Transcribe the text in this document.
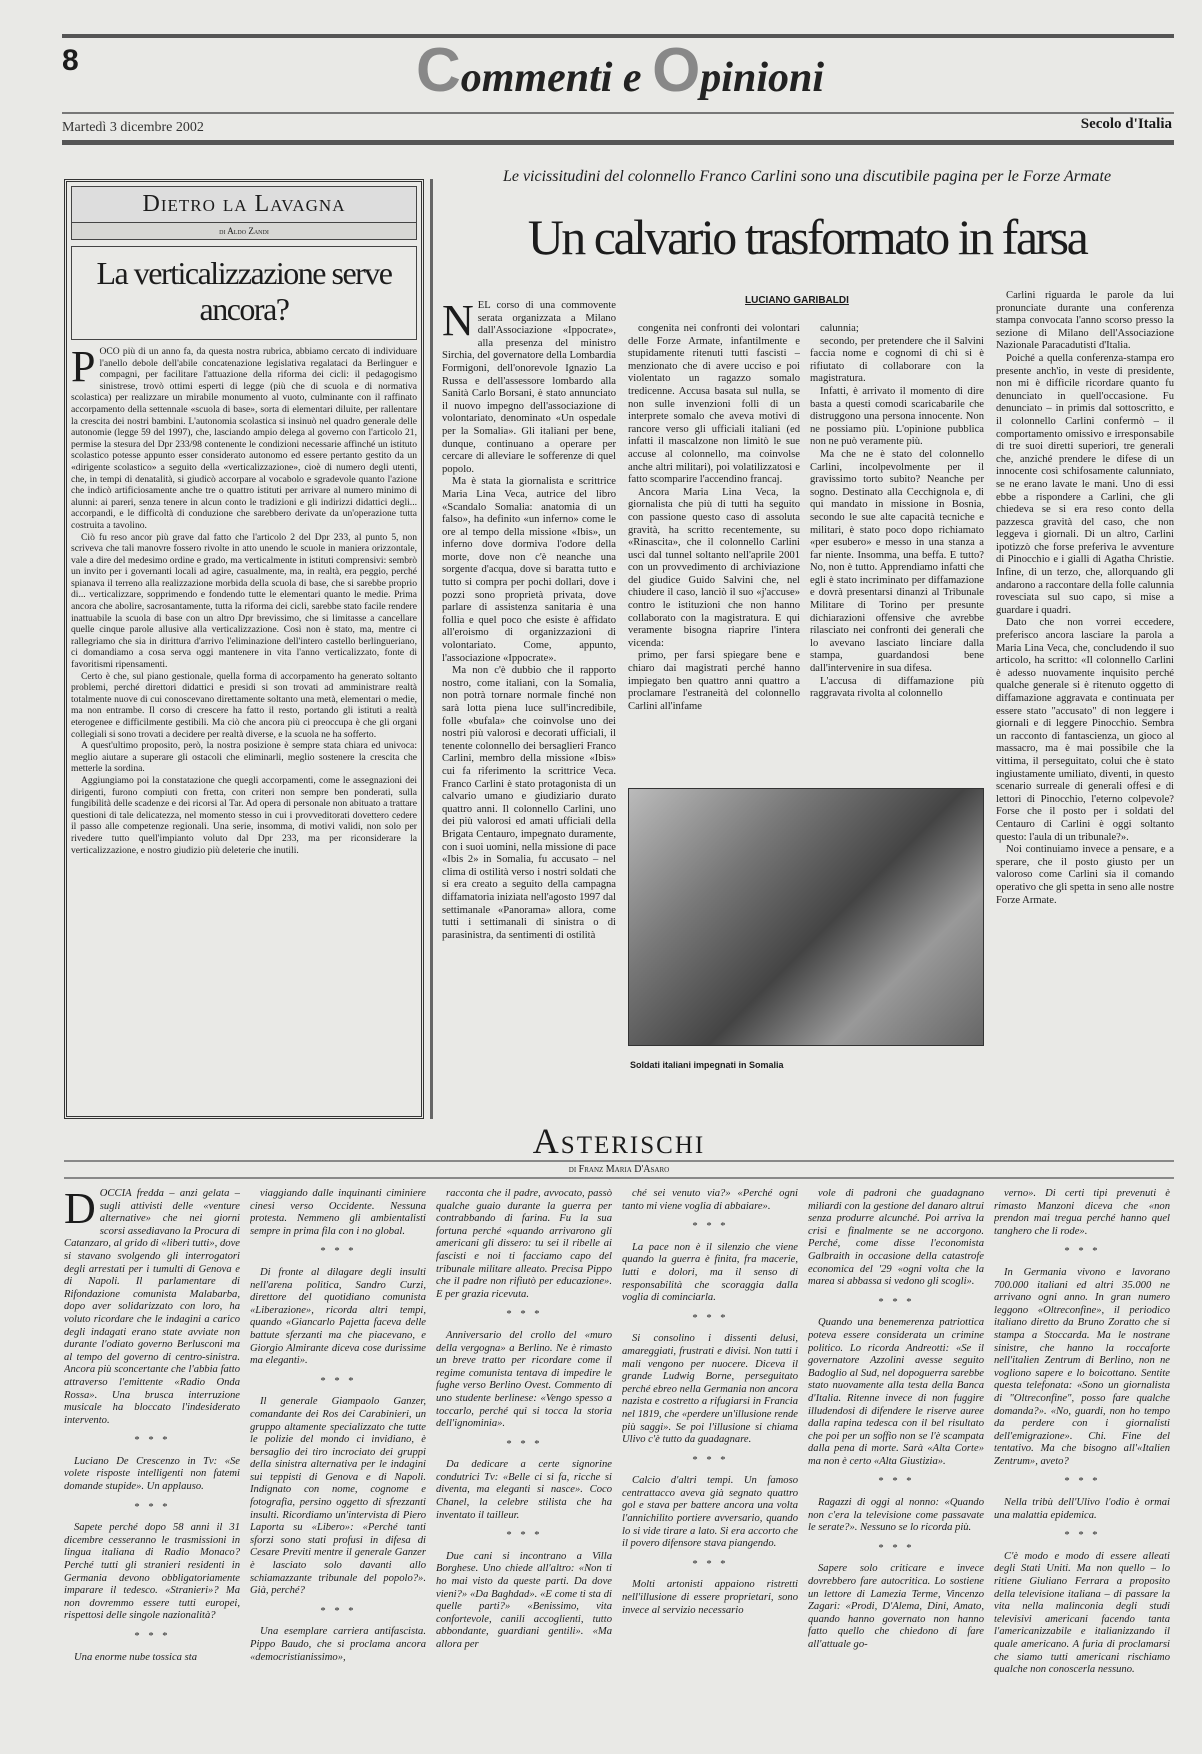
8	Commenti e Opinioni
Martedì 3 dicembre 2002	Secolo d'Italia
Dietro la Lavagna
di Aldo Zandi
La verticalizzazione serve ancora?
P OCO più di un anno fa, da questa nostra rubrica, abbiamo cercato di individuare l'anello debole dell'abile concatenazione legislativa regalataci da Berlinguer e compagni, per facilitare l'attuazione della riforma dei cicli: il pedagogismo sinistrese, trovò ottimi esperti di legge (più che di scuola e di normativa scolastica) per realizzare un mirabile monumento al vuoto, culminante con il raffinato accorpamento della settennale «scuola di base», sorta di elementari diluite, per rallentare la crescita dei nostri bambini. L'autonomia scolastica si insinuò nel quadro generale delle autonomie (legge 59 del 1997), che, lasciando ampio delega al governo con l'articolo 21, permise la stesura del Dpr 233/98 contenente le condizioni necessarie affinché un istituto scolastico potesse appunto esser considerato autonomo ed essere pertanto gestito da un «dirigente scolastico» a seguito della «verticalizzazione», cioè di numero degli utenti, che, in tempi di denatalità, si giudicò accorpare al vocabolo e sgradevole quanto l'azione che indicò artificiosamente anche tre o quattro istituti per arrivare al numero minimo di alunni: ai pareri, senza tenere in alcun conto le tradizioni e gli indirizzi didattici degli... accorpandi, e le difficoltà di conduzione che sarebbero derivate da un'operazione tutta costruita a tavolino.

Ciò fu reso ancor più grave dal fatto che l'articolo 2 del Dpr 233, al punto 5, non scriveva che tali manovre fossero rivolte in atto unendo le scuole in maniera orizzontale, vale a dire del medesimo ordine e grado, ma verticalmente in istituti comprensivi: sembrò un invito per i governanti locali ad agire, casualmente, ma, in realtà, era peggio, perché spianava il terreno alla realizzazione morbida della scuola di base, che si sarebbe proprio di... verticalizzare, sopprimendo e fondendo tutte le elementari quanto le medie. Prima ancora che abolire, sacrosantamente, tutta la riforma dei cicli, sarebbe stato facile rendere inattuabile la scuola di base con un altro Dpr brevissimo, che si limitasse a cancellare quelle cinque parole allusive alla verticalizzazione. Così non è stato, ma, mentre ci rallegriamo che sia in dirittura d'arrivo l'eliminazione dell'intero castello berlingueriano, ci domandiamo a cosa serva oggi mantenere in vita l'anno verticalizzato, fonte di favoritismi ripensamenti.

Certo è che, sul piano gestionale, quella forma di accorpamento ha generato soltanto problemi, perché direttori didattici e presidi si son trovati ad amministrare realtà totalmente nuove di cui conoscevano direttamente soltanto una metà, elementari o medie, ma non entrambe. Il corso di crescere ha fatto il resto, portando gli istituti a realtà eterogenee e difficilmente gestibili. Ma ciò che ancora più ci preoccupa è che gli organi collegiali si sono trovati a decidere per realtà diverse, e la scuola ne ha sofferto.

A quest'ultimo proposito, però, la nostra posizione è sempre stata chiara ed univoca: meglio aiutare a superare gli ostacoli che eliminarli, meglio sostenere la crescita che metterle la sordina.

Aggiungiamo poi la constatazione che quegli accorpamenti, come le assegnazioni dei dirigenti, furono compiuti con fretta, con criteri non sempre ben ponderati, sulla fungibilità delle scadenze e dei ricorsi al Tar. Ad opera di personale non abituato a trattare questioni di tale delicatezza, nel momento stesso in cui i provveditorati dovettero cedere il passo alle competenze regionali. Una serie, insomma, di motivi validi, non solo per rivedere tutto quell'impianto voluto dal Dpr 233, ma per riconsiderare la verticalizzazione, e nostro giudizio più deleterie che inutili.

Le vicissitudini del colonnello Franco Carlini sono una discutibile pagina per le Forze Armate
Un calvario trasformato in farsa
LUCIANO GARIBALDI
NEL corso di una commovente serata organizzata a Milano dall'Associazione «Ippocrate», alla presenza del ministro Sirchia, del governatore della Lombardia Formigoni, dell'onorevole Ignazio La Russa e dell'assessore lombardo alla Sanità Carlo Borsani, è stato annunciato il nuovo impegno dell'associazione di volontariato, denominato «Un ospedale per la Somalia». Gli italiani per bene, dunque, continuano a operare per cercare di alleviare le sofferenze di quel popolo.

Ma è stata la giornalista e scrittrice Maria Lina Veca, autrice del libro «Scandalo Somalia: anatomia di un falso», ha definito «un inferno» come le ore al tempo della missione «Ibis», un inferno dove dormiva l'odore della morte, dove non c'è neanche una sorgente d'acqua, dove si baratta tutto e tutto si compra per pochi dollari, dove i pozzi sono proprietà privata, dove parlare di assistenza sanitaria è una follia e quel poco che esiste è affidato all'eroismo di organizzazioni di volontariato. Come, appunto, l'associazione «Ippocrate».

Ma non c'è dubbio che il rapporto nostro, come italiani, con la Somalia, non potrà tornare normale finché non sarà lotta piena luce sull'incredibile, folle «bufala» che coinvolse uno dei nostri più valorosi e decorati ufficiali, il tenente colonnello dei bersaglieri Franco Carlini, membro della missione «Ibis» cui fa riferimento la scrittrice Veca. Franco Carlini è stato protagonista di un calvario umano e giudiziario durato quattro anni. Il colonnello Carlini, uno dei più valorosi ed amati ufficiali della Brigata Centauro, impegnato duramente, con i suoi uomini, nella missione di pace «Ibis 2» in Somalia, fu accusato – nel clima di ostilità verso i nostri soldati che si era creato a seguito della campagna diffamatoria iniziata nell'agosto 1997 dal settimanale «Panorama» allora, come tutti i settimanali di sinistra o di parasinistra, da sentimenti di ostilità

congenita nei confronti dei volontari delle Forze Armate, infantilmente e stupidamente ritenuti tutti fascisti – menzionato che di avere ucciso e poi violentato un ragazzo somalo tredicenne. Accusa basata sul nulla, se non sulle invenzioni folli di un interprete somalo che aveva motivi di rancore verso gli ufficiali italiani (ed infatti il mascalzone non limitò le sue accuse al colonnello, ma coinvolse anche altri militari), poi volatilizzatosi e fatto scomparire l'accendino francaj.

Ancora Maria Lina Veca, la giornalista che più di tutti ha seguito con passione questo caso di assoluta gravità, ha scritto recentemente, su «Rinascita», che il colonnello Carlini uscì dal tunnel soltanto nell'aprile 2001 con un provvedimento di archiviazione del giudice Guido Salvini che, nel chiudere il caso, lanciò il suo «j'accuse» contro le istituzioni che non hanno collaborato con la magistratura. E qui veramente bisogna riaprire l'intera vicenda:

primo, per farsi spiegare bene e chiaro dai magistrati perché hanno impiegato ben quattro anni quattro a proclamare l'estraneità del colonnello Carlini all'infame

calunnia;

secondo, per pretendere che il Salvini faccia nome e cognomi di chi si è rifiutato di collaborare con la magistratura.

Infatti, è arrivato il momento di dire basta a questi comodi scaricabarile che distruggono una persona innocente. Non ne possiamo più. L'opinione pubblica non ne può veramente più.

Ma che ne è stato del colonnello Carlini, incolpevolmente per il gravissimo torto subito? Neanche per sogno. Destinato alla Cecchignola e, di qui mandato in missione in Bosnia, secondo le sue alte capacità tecniche e militari, è stato poco dopo richiamato «per esubero» e messo in una stanza a far niente. Insomma, una beffa. E tutto? No, non è tutto. Apprendiamo infatti che egli è stato incriminato per diffamazione e dovrà presentarsi dinanzi al Tribunale Militare di Torino per presunte dichiarazioni offensive che avrebbe rilasciato nei confronti dei generali che lo avevano lasciato linciare dalla stampa, guardandosi bene dall'intervenire in sua difesa.

L'accusa di diffamazione più raggravata rivolta al colonnello

Carlini riguarda le parole da lui pronunciate durante una conferenza stampa convocata l'anno scorso presso la sezione di Milano dell'Associazione Nazionale Paracadutisti d'Italia.

Poiché a quella conferenza-stampa ero presente anch'io, in veste di presidente, non mi è difficile ricordare quanto fu denunciato in quell'occasione. Fu denunciato – in primis dal sottoscritto, e il colonnello Carlini confermò – il comportamento omissivo e irresponsabile di tre suoi diretti superiori, tre generali che, anziché prendere le difese di un innocente così schifosamente calunniato, se ne erano lavate le mani. Uno di essi ebbe a rispondere a Carlini, che gli chiedeva se si era reso conto della pazzesca gravità del caso, che non leggeva i giornali. Di un altro, Carlini ipotizzò che forse preferiva le avventure di Pinocchio e i gialli di Agatha Christie. Infine, di un terzo, che, allorquando gli andarono a raccontare della folle calunnia rovesciata sul suo capo, si mise a guardare i quadri.

Dato che non vorrei eccedere, preferisco ancora lasciare la parola a Maria Lina Veca, che, concludendo il suo articolo, ha scritto: «Il colonnello Carlini è adesso nuovamente inquisito perché qualche generale si è ritenuto oggetto di diffamazione aggravata e continuata per essere stato "accusato" di non leggere i giornali e di leggere Pinocchio. Sembra un racconto di fantascienza, un gioco al massacro, ma è mai possibile che la vittima, il perseguitato, colui che è stato ingiustamente umiliato, diventi, in questo scenario surreale di generali offesi e di lettori di Pinocchio, l'eterno colpevole? Forse che il posto per i soldati del Centauro di Carlini è oggi soltanto questo: l'aula di un tribunale?».

Noi continuiamo invece a pensare, e a sperare, che il posto giusto per un valoroso come Carlini sia il comando operativo che gli spetta in seno alle nostre Forze Armate.

Soldati italiani impegnati in Somalia
Asterischi
di Franz Maria D'Asaro
DOCCIA fredda – anzi gelata – sugli attivisti delle «venture alternative» che nei giorni scorsi assediavano la Procura di Catanzaro, al grido di «liberi tutti», dove si stavano svolgendo gli interrogatori degli arrestati per i tumulti di Genova e di Napoli. Il parlamentare di Rifondazione comunista Malabarba, dopo aver solidarizzato con loro, ha voluto ricordare che le indagini a carico degli indagati erano state avviate non durante l'odiato governo Berlusconi ma al tempo del governo di centro-sinistra. Ancora più sconcertante che l'abbia fatto attraverso l'emittente «Radio Onda Rossa». Una brusca interruzione musicale ha bloccato l'indesiderato intervento.

* * *

Luciano De Crescenzo in Tv: «Se volete risposte intelligenti non fatemi domande stupide». Un applauso.

* * *

Sapete perché dopo 58 anni il 31 dicembre cesseranno le trasmissioni in lingua italiana di Radio Monaco? Perché tutti gli stranieri residenti in Germania devono obbligatoriamente imparare il tedesco. «Stranieri»? Ma non dovremmo essere tutti europei, rispettosi delle singole nazionalità?

* * *

Una enorme nube tossica sta

viaggiando dalle inquinanti ciminiere cinesi verso Occidente. Nessuna protesta. Nemmeno gli ambientalisti sempre in prima fila con i no global.

* * *

Di fronte al dilagare degli insulti nell'arena politica, Sandro Curzi, direttore del quotidiano comunista «Liberazione», ricorda altri tempi, quando «Giancarlo Pajetta faceva delle battute sferzanti ma che piacevano, e Giorgio Almirante diceva cose durissime ma eleganti».

* * *

Il generale Giampaolo Ganzer, comandante dei Ros dei Carabinieri, un gruppo altamente specializzato che tutte le polizie del mondo ci invidiano, è bersaglio dei tiro incrociato dei gruppi della sinistra alternativa per le indagini sui teppisti di Genova e di Napoli. Indignato con nome, cognome e fotografia, persino oggetto di sfrezzanti insulti. Ricordiamo un'intervista di Piero Laporta su «Libero»: «Perché tanti sforzi sono stati profusi in difesa di Cesare Previti mentre il generale Ganzer è lasciato solo davanti allo schiamazzante tribunale del popolo?». Già, perché?

* * *

Una esemplare carriera antifascista. Pippo Baudo, che si proclama ancora «democristianissimo»,

racconta che il padre, avvocato, passò qualche guaio durante la guerra per contrabbando di farina. Fu la sua fortuna perché «quando arrivarono gli americani gli dissero: tu sei il ribelle ai fascisti e noi ti facciamo capo del tribunale militare alleato. Precisa Pippo che il padre non rifiutò per educazione». E per grazia ricevuta.

* * *

Anniversario del crollo del «muro della vergogna» a Berlino. Ne è rimasto un breve tratto per ricordare come il regime comunista tentava di impedire le fughe verso Berlino Ovest. Commento di uno studente berlinese: «Vengo spesso a toccarlo, perché qui si tocca la storia dell'ignominia».

* * *

Da dedicare a certe signorine condutrici Tv: «Belle ci si fa, ricche si diventa, ma eleganti si nasce». Coco Chanel, la celebre stilista che ha inventato il tailleur.

* * *

Due cani si incontrano a Villa Borghese. Uno chiede all'altro: «Non ti ho mai visto da queste parti. Da dove vieni?» «Da Baghdad». «E come ti sta di quelle parti?» «Benissimo, vita confortevole, canili accoglienti, tutto abbondante, guardiani gentili». «Ma allora per

ché sei venuto via?» «Perché ogni tanto mi viene voglia di abbaiare».

* * *

La pace non è il silenzio che viene quando la guerra è finita, fra macerie, lutti e dolori, ma il senso di responsabilità che scoraggia dalla voglia di cominciarla.

* * *

Si consolino i dissenti delusi, amareggiati, frustrati e divisi. Non tutti i mali vengono per nuocere. Diceva il grande Ludwig Borne, perseguitato perché ebreo nella Germania non ancora nazista e costretto a rifugiarsi in Francia nel 1819, che «perdere un'illusione rende più saggi». Se poi l'illusione si chiama Ulivo c'è tutto da guadagnare.

* * *

Calcio d'altri tempi. Un famoso centrattacco aveva già segnato quattro gol e stava per battere ancora una volta l'annichilito portiere avversario, quando lo si vide tirare a lato. Si era accorto che il povero difensore stava piangendo.

* * *

Molti artonisti appaiono ristretti nell'illusione di essere proprietari, sono invece al servizio necessario

vole di padroni che guadagnano miliardi con la gestione del danaro altrui senza produrre alcunché. Poi arriva la crisi e finalmente se ne accorgono. Perché, come disse l'economista Galbraith in occasione della catastrofe economica del '29 «ogni volta che la marea si abbassa si vedono gli scogli».

* * *

Quando una benemerenza patriottica poteva essere considerata un crimine politico. Lo ricorda Andreotti: «Se il governatore Azzolini avesse seguito Badoglio al Sud, nel dopoguerra sarebbe stato nuovamente alla testa della Banca d'Italia. Ritenne invece di non fuggire illudendosi di difendere le riserve auree dalla rapina tedesca con il bel risultato che poi per un soffio non se l'è scampata dalla pena di morte. Sarà «Alta Corte» ma non è certo «Alta Giustizia».

* * *

Ragazzi di oggi al nonno: «Quando non c'era la televisione come passavate le serate?». Nessuno se lo ricorda più.

* * *

Sapere solo criticare e invece dovrebbero fare autocritica. Lo sostiene un lettore di Lamezia Terme, Vincenzo Zagari: «Prodi, D'Alema, Dini, Amato, quando hanno governato non hanno fatto quello che chiedono di fare all'attuale go-

verno». Di certi tipi prevenuti è rimasto Manzoni diceva che «non prendon mai tregua perché hanno quel tanghero che li rode».

* * *

In Germania vivono e lavorano 700.000 italiani ed altri 35.000 ne arrivano ogni anno. In gran numero leggono «Oltreconfine», il periodico italiano diretto da Bruno Zoratto che si stampa a Stoccarda. Ma le nostrane sinistre, che hanno la roccaforte nell'italien Zentrum di Berlino, non ne vogliono sapere e lo boicottano. Sentite questa telefonata: «Sono un giornalista di "Oltreconfine", posso fare qualche domanda?». «No, guardi, non ho tempo da perdere con i giornalisti dell'emigrazione». Chi. Fine del tentativo. Ma che bisogno all'«Italien Zentrum», aveto?

* * *

Nella tribù dell'Ulivo l'odio è ormai una malattia epidemica.

* * *

C'è modo e modo di essere alleati degli Stati Uniti. Ma non quello – lo ritiene Giuliano Ferrara a proposito della televisione italiana – di passare la vita nella malinconia degli studi televisivi americani facendo tanta l'americanizzabile e italianizzando il quale americano. A furia di proclamarsi che siamo tutti americani rischiamo qualche non conoscerla nessuno.
